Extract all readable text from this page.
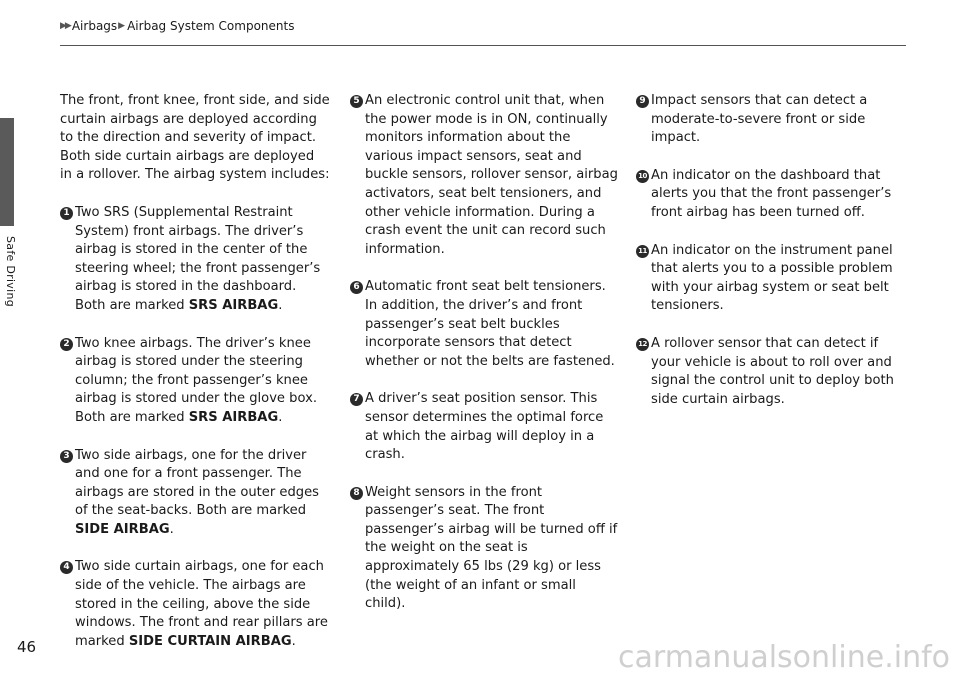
▶▶ Airbags ▶ Airbag System Components
Safe Driving
46

The front, front knee, front side, and side curtain airbags are deployed according to the direction and severity of impact. Both side curtain airbags are deployed in a rollover. The airbag system includes:

1 Two SRS (Supplemental Restraint System) front airbags. The driver’s airbag is stored in the center of the steering wheel; the front passenger’s airbag is stored in the dashboard. Both are marked SRS AIRBAG.
2 Two knee airbags. The driver’s knee airbag is stored under the steering column; the front passenger’s knee airbag is stored under the glove box. Both are marked SRS AIRBAG.
3 Two side airbags, one for the driver and one for a front passenger. The airbags are stored in the outer edges of the seat-backs. Both are marked SIDE AIRBAG.
4 Two side curtain airbags, one for each side of the vehicle. The airbags are stored in the ceiling, above the side windows. The front and rear pillars are marked SIDE CURTAIN AIRBAG.
5 An electronic control unit that, when the power mode is in ON, continually monitors information about the various impact sensors, seat and buckle sensors, rollover sensor, airbag activators, seat belt tensioners, and other vehicle information. During a crash event the unit can record such information.
6 Automatic front seat belt tensioners. In addition, the driver’s and front passenger’s seat belt buckles incorporate sensors that detect whether or not the belts are fastened.
7 A driver’s seat position sensor. This sensor determines the optimal force at which the airbag will deploy in a crash.
8 Weight sensors in the front passenger’s seat. The front passenger’s airbag will be turned off if the weight on the seat is approximately 65 lbs (29 kg) or less (the weight of an infant or small child).
9 Impact sensors that can detect a moderate-to-severe front or side impact.
10 An indicator on the dashboard that alerts you that the front passenger’s front airbag has been turned off.
11 An indicator on the instrument panel that alerts you to a possible problem with your airbag system or seat belt tensioners.
12 A rollover sensor that can detect if your vehicle is about to roll over and signal the control unit to deploy both side curtain airbags.
carmanualsonline.info
